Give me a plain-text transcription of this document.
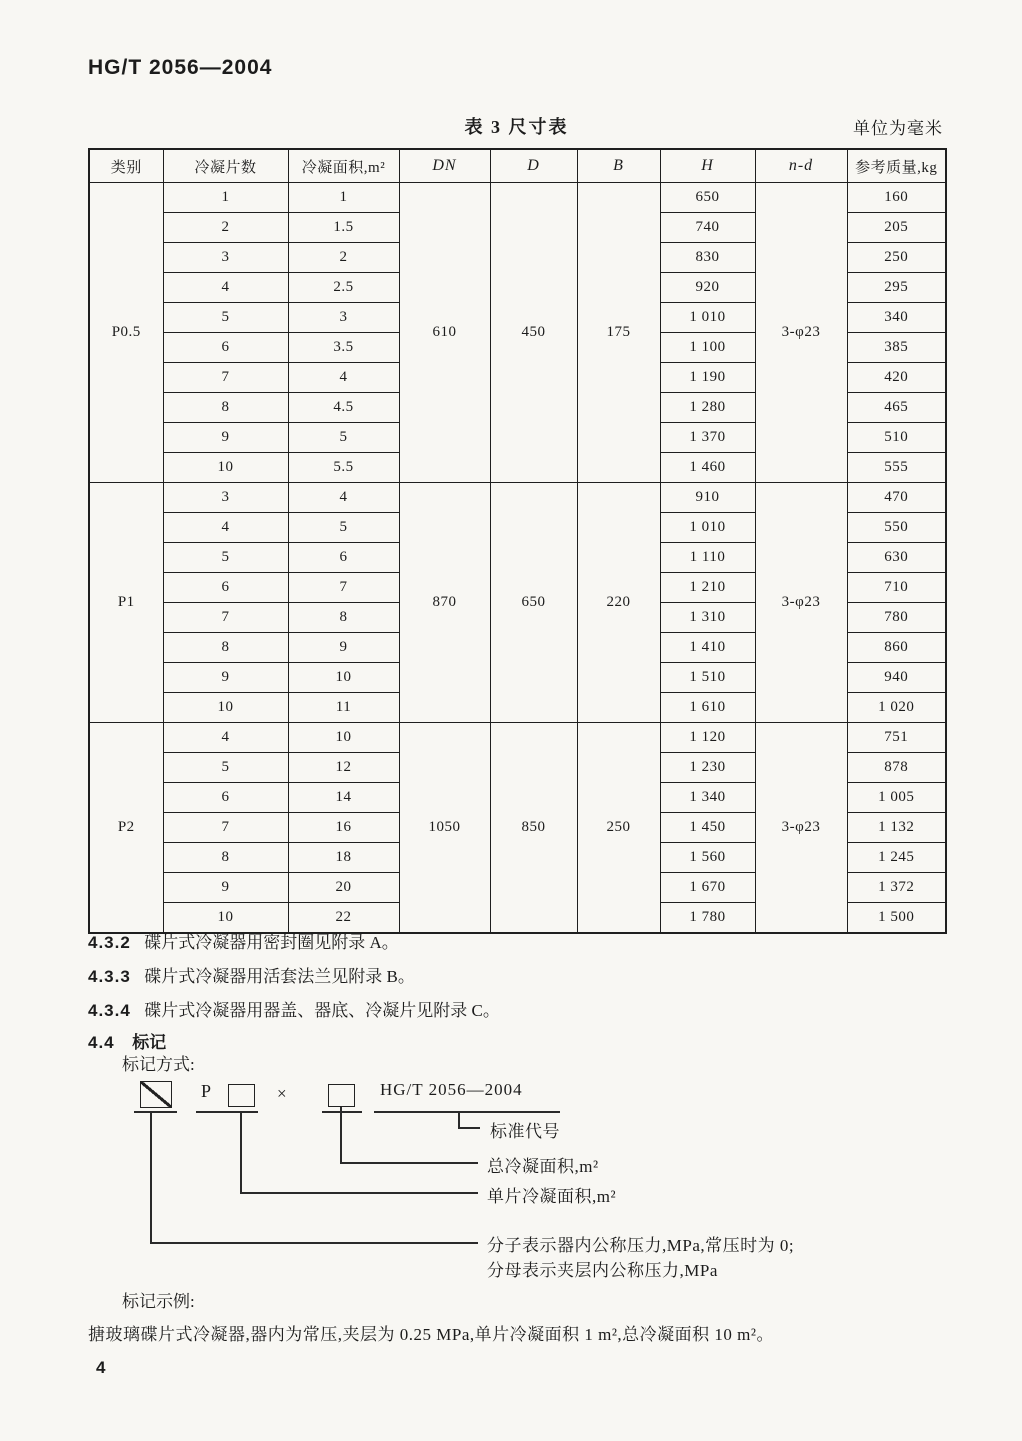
HG/T 2056—2004
表 3 尺寸表	单位为毫米
类别	冷凝片数	冷凝面积,m²	DN	D	B	H	n-d	参考质量,kg
P0.5	1	1	610	450	175	650	3-φ23	160
	2	1.5				740		205
	3	2				830		250
	4	2.5				920		295
	5	3				1 010		340
	6	3.5				1 100		385
	7	4				1 190		420
	8	4.5				1 280		465
	9	5				1 370		510
	10	5.5				1 460		555
P1	3	4	870	650	220	910	3-φ23	470
	4	5				1 010		550
	5	6				1 110		630
	6	7				1 210		710
	7	8				1 310		780
	8	9				1 410		860
	9	10				1 510		940
	10	11				1 610		1 020
P2	4	10	1050	850	250	1 120	3-φ23	751
	5	12				1 230		878
	6	14				1 340		1 005
	7	16				1 450		1 132
	8	18				1 560		1 245
	9	20				1 670		1 372
	10	22				1 780		1 500
4.3.2 碟片式冷凝器用密封圈见附录 A。
4.3.3 碟片式冷凝器用活套法兰见附录 B。
4.3.4 碟片式冷凝器用器盖、器底、冷凝片见附录 C。
4.4 标记
标记方式:
P	×	HG/T 2056—2004
标准代号
总冷凝面积,m²
单片冷凝面积,m²
分子表示器内公称压力,MPa,常压时为 0;
分母表示夹层内公称压力,MPa
标记示例:
搪玻璃碟片式冷凝器,器内为常压,夹层为 0.25 MPa,单片冷凝面积 1 m²,总冷凝面积 10 m²。
4
